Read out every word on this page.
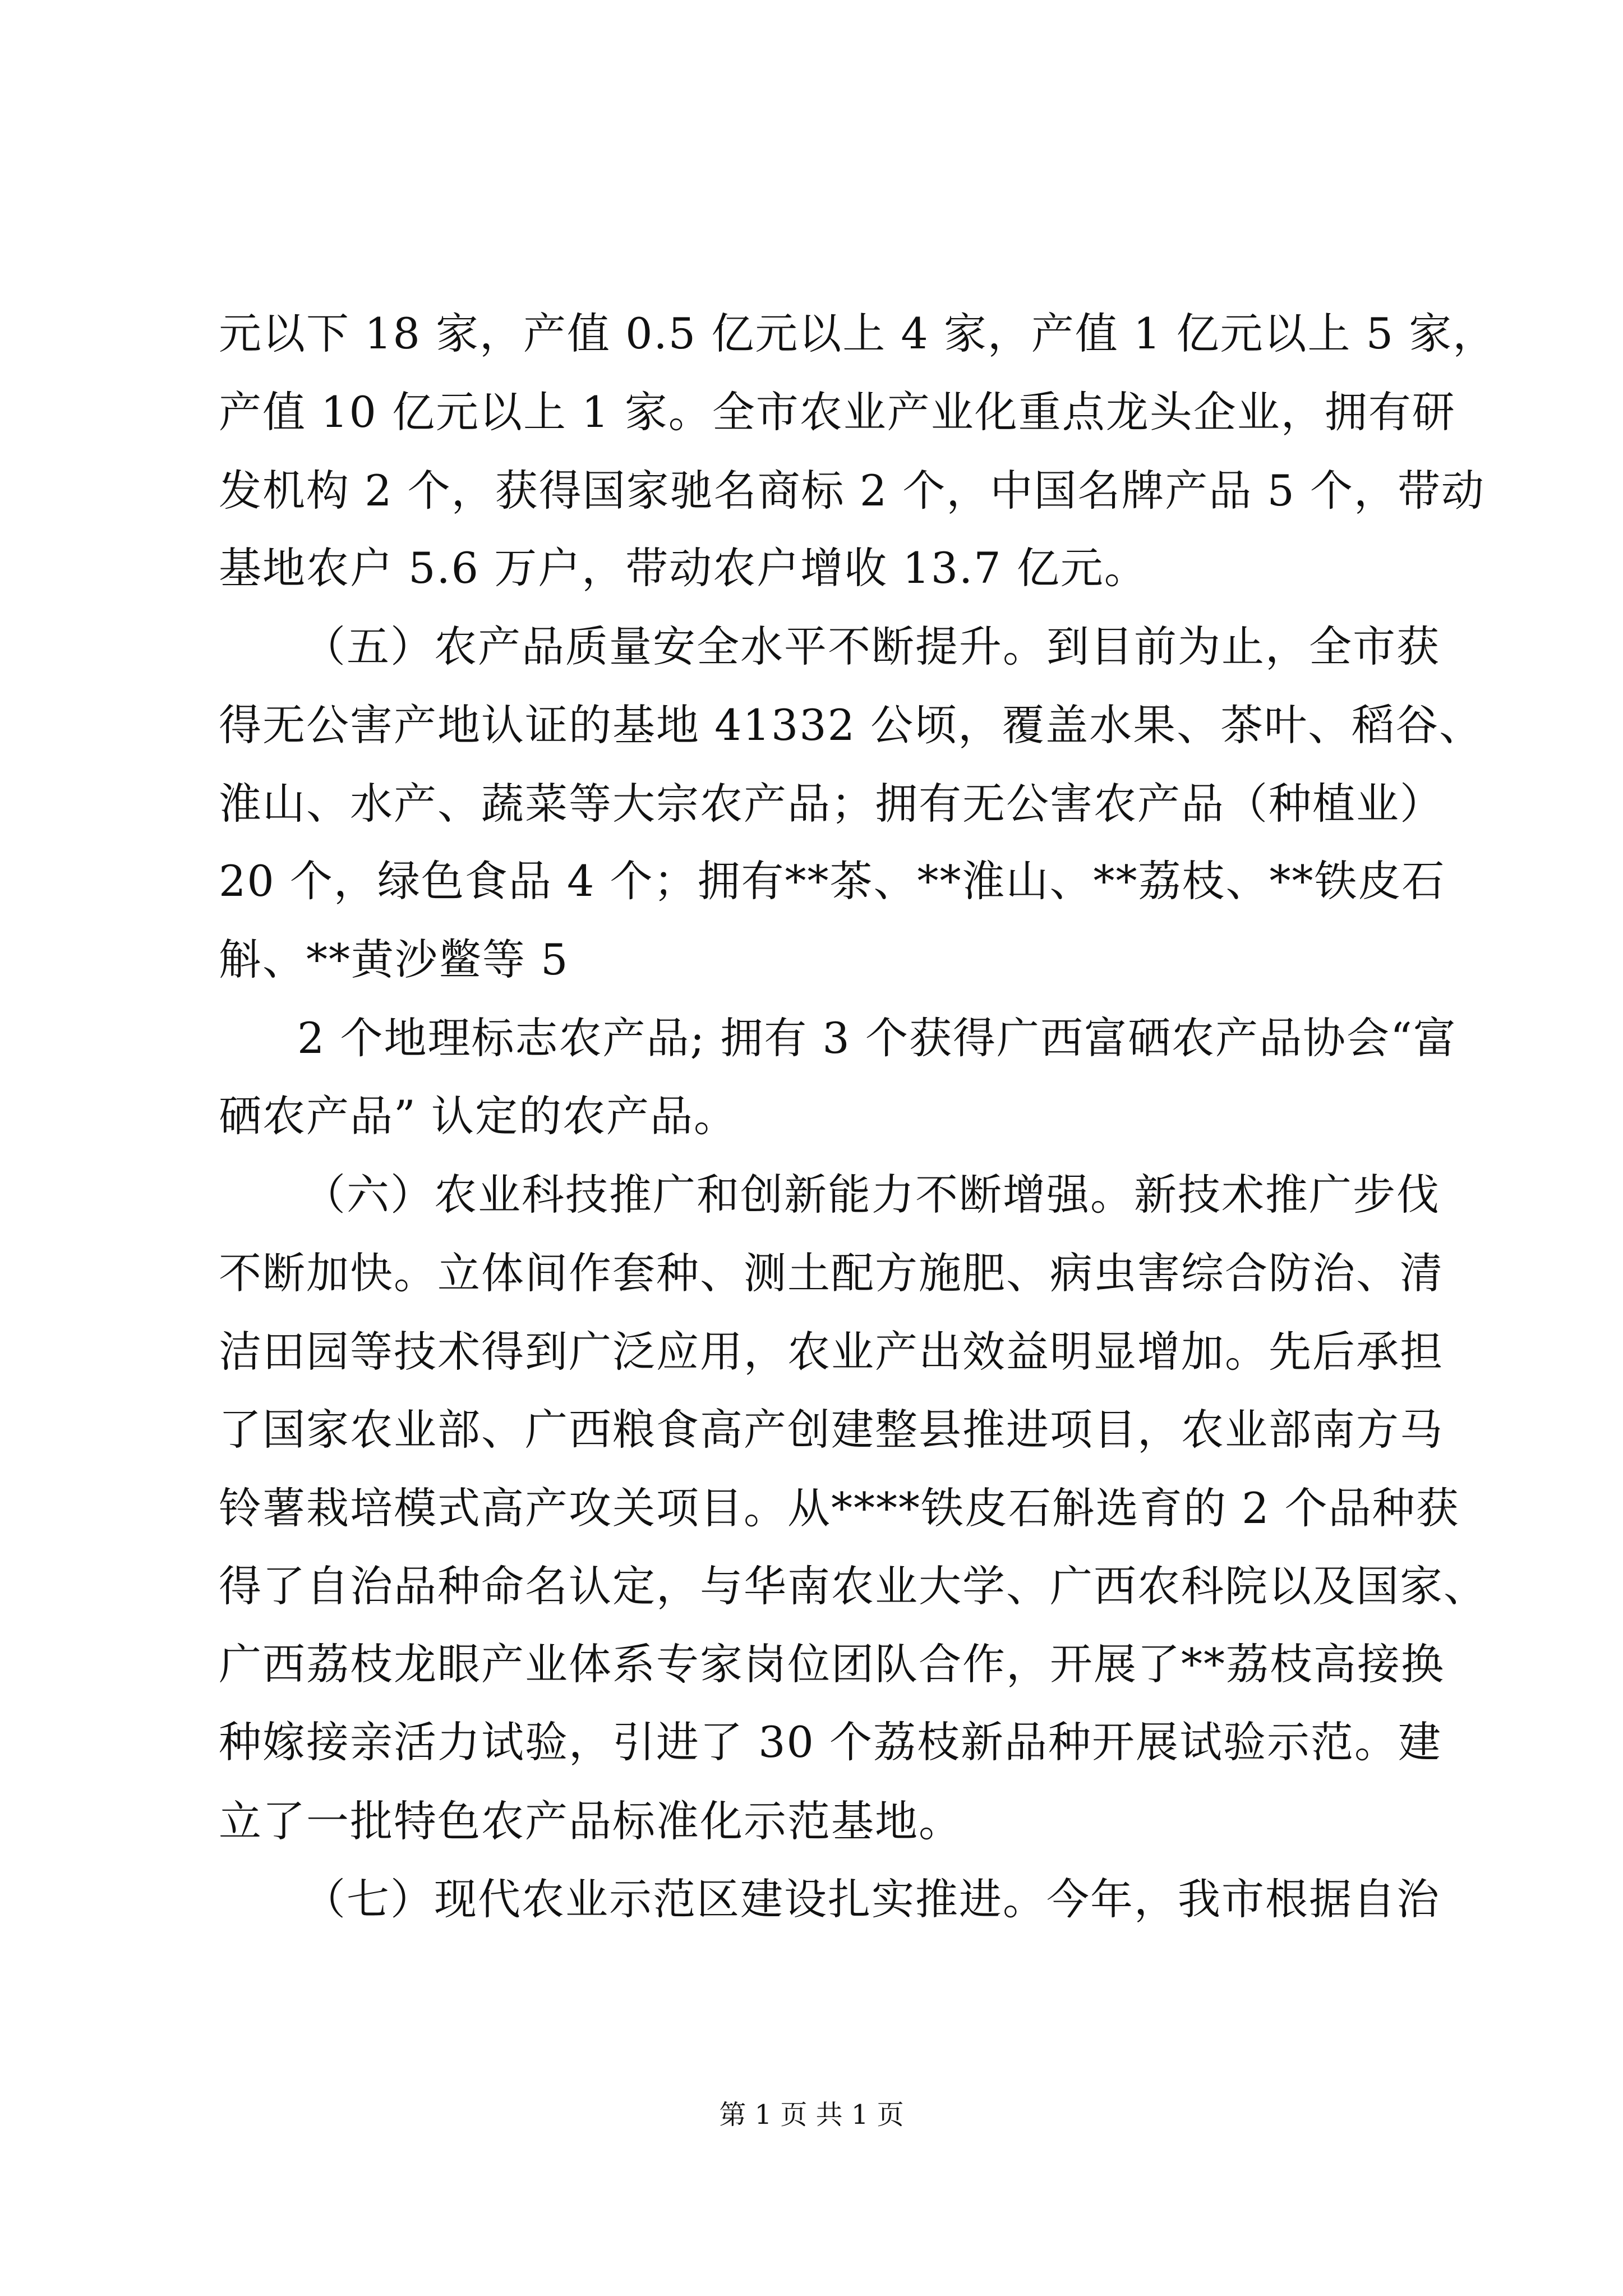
元以下 18 家，产值 0.5 亿元以上 4 家，产值 1 亿元以上 5 家，
产值 10 亿元以上 1 家。全市农业产业化重点龙头企业，拥有研
发机构 2 个，获得国家驰名商标 2 个，中国名牌产品 5 个，带动
基地农户 5.6 万户，带动农户增收 13.7 亿元。
（五）农产品质量安全水平不断提升。到目前为止，全市获
得无公害产地认证的基地 41332 公顷，覆盖水果、茶叶、稻谷、
淮山、水产、蔬菜等大宗农产品；拥有无公害农产品（种植业）
20 个，绿色食品 4 个；拥有**茶、**淮山、**荔枝、**铁皮石
斛、**黄沙鳖等 5
2 个地理标志农产品; 拥有 3 个获得广西富硒农产品协会“富
硒农产品” 认定的农产品。
（六）农业科技推广和创新能力不断增强。新技术推广步伐
不断加快。立体间作套种、测土配方施肥、病虫害综合防治、清
洁田园等技术得到广泛应用，农业产出效益明显增加。先后承担
了国家农业部、广西粮食高产创建整县推进项目，农业部南方马
铃薯栽培模式高产攻关项目。从****铁皮石斛选育的 2 个品种获
得了自治品种命名认定，与华南农业大学、广西农科院以及国家、
广西荔枝龙眼产业体系专家岗位团队合作，开展了**荔枝高接换
种嫁接亲活力试验，引进了 30 个荔枝新品种开展试验示范。建
立了一批特色农产品标准化示范基地。
（七）现代农业示范区建设扎实推进。今年，我市根据自治
第 1 页 共 1 页
